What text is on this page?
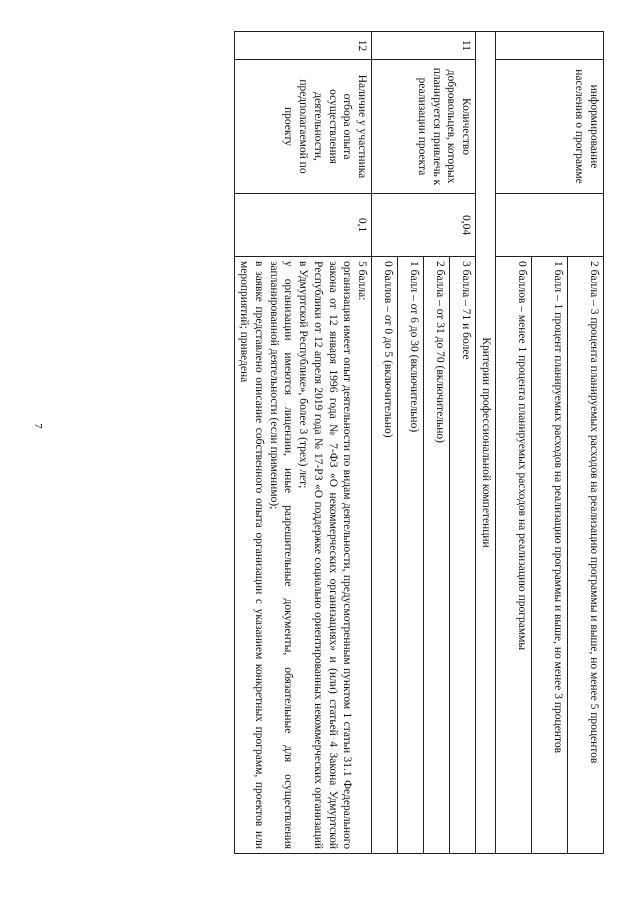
7
	информирование населения о программе		2 балла – 3 процента планируемых расходов на реализацию программы и выше, но менее 5 процентов
			1 балл – 1 процент планируемых расходов на реализацию программы и выше, но менее 3 процентов
			0 баллов – менее 1 процента планируемых расходов на реализацию программы
Критерии профессиональной компетенции			
11	Количество добровольцев, которых планируется привлечь к реализации проекта	0,04	3 балла – 71 и более
			2 балла – от 31 до 70 (включительно)
			1 балл – от 6 до 30 (включительно)
			0 баллов – от 0 до 5 (включительно)
12	Наличие у участника отбора опыта осуществления деятельности, предполагаемой по проекту	0,1	5 балла:
организация имеет опыт деятельности по видам деятельности, предусмотренным пунктом 1 статьи 31.1 Федерального закона от 12 января 1996 года № 7-ФЗ «О некоммерческих организациях» и (или) статьей 4 Закона Удмуртской Республики от 12 апреля 2019 года № 17-РЗ «О поддержке социально ориентированных некоммерческих организаций в Удмуртской Республике», более 3 (трех) лет;
у организации имеются лицензии, иные разрешительные документы, обязательные для осуществления запланированной деятельности (если применимо);
в заявке представлено описание собственного опыта организации с указанием конкретных программ, проектов или мероприятий; приведена
